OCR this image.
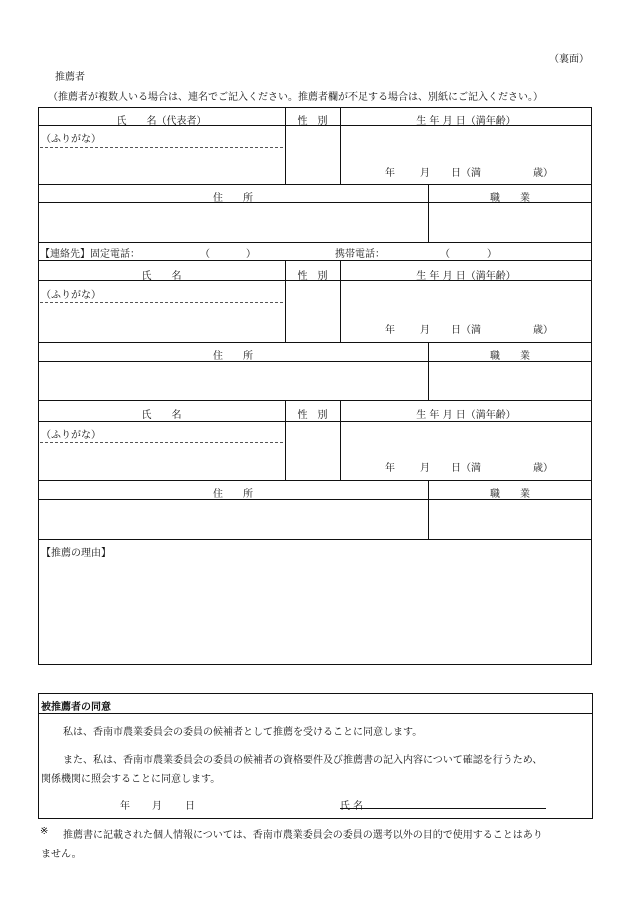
（裏面）
推薦者
（推薦者が複数人いる場合は、連名でご記入ください。推薦者欄が不足する場合は、別紙にご記入ください。）
氏　　名（代表者）	性　別	生 年 月 日（満年齢）
（ふりがな）
年	月 日（満	歳）
住　　所	職　　業
【連絡先】固定電話：	（	）	携帯電話：	（	）
氏　　名	性　別	生 年 月 日（満年齢）
（ふりがな）
年	月 日（満	歳）
住　　所	職　　業
氏　　名	性　別	生 年 月 日（満年齢）
（ふりがな）
年	月 日（満	歳）
住　　所	職　　業
【推薦の理由】
被推薦者の同意
私は、香南市農業委員会の委員の候補者として推薦を受けることに同意します。
また、私は、香南市農業委員会の委員の候補者の資格要件及び推薦書の記入内容について確認を行うため、
関係機関に照会することに同意します。
年 月 日	氏 名
※ 推薦書に記載された個人情報については、香南市農業委員会の委員の選考以外の目的で使用することはあり
ません。
